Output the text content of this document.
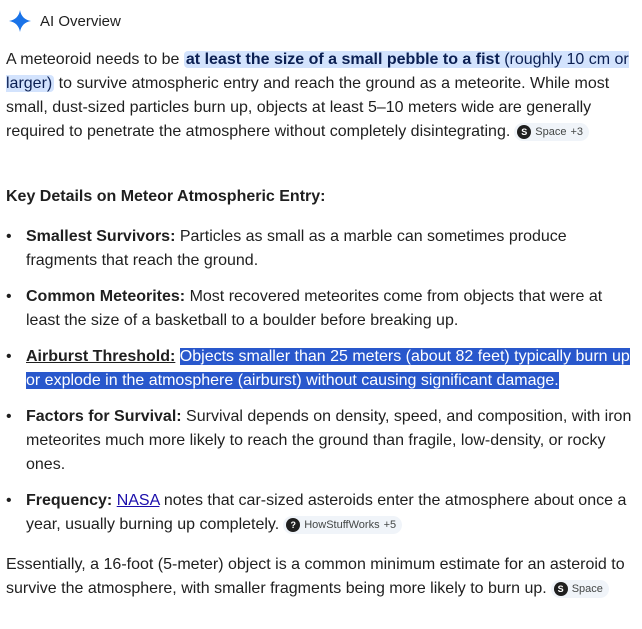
AI Overview

A meteoroid needs to be at least the size of a small pebble to a fist (roughly 10 cm or larger) to survive atmospheric entry and reach the ground as a meteorite. While most small, dust-sized particles burn up, objects at least 5–10 meters wide are generally required to penetrate the atmosphere without completely disintegrating.	S Space +3

Key Details on Meteor Atmospheric Entry:
• Smallest Survivors: Particles as small as a marble can sometimes produce fragments that reach the ground.
• Common Meteorites: Most recovered meteorites come from objects that were at least the size of a basketball to a boulder before breaking up.
• Airburst Threshold: Objects smaller than 25 meters (about 82 feet) typically burn up or explode in the atmosphere (airburst) without causing significant damage.
• Factors for Survival: Survival depends on density, speed, and composition, with iron meteorites much more likely to reach the ground than fragile, low-density, or rocky ones.
• Frequency: NASA notes that car-sized asteroids enter the atmosphere about once a year, usually burning up completely.	? HowStuffWorks +5

Essentially, a 16-foot (5-meter) object is a common minimum estimate for an asteroid to survive the atmosphere, with smaller fragments being more likely to burn up.	S Space
